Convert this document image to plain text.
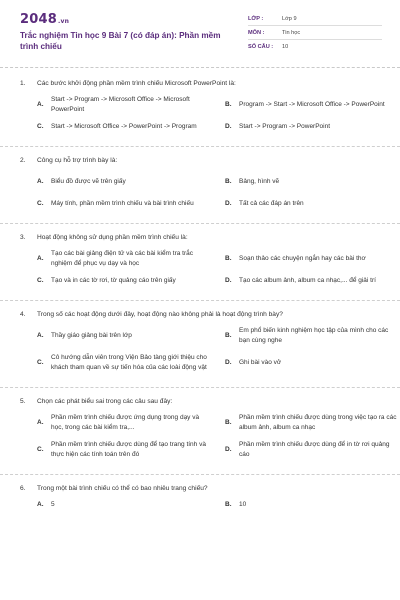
2048.vn
Trắc nghiệm Tin học 9 Bài 7 (có đáp án): Phần mềm trình chiếu
LỚP :	Lớp 9
MÔN :	Tin học
SỐ CÂU :	10
1.	Các bước khởi động phần mềm trình chiếu Microsoft PowerPoint là:
A.
Start -> Program -> Microsoft Office -> Microsoft PowerPoint
B.	Program -> Start -> Microsoft Office -> PowerPoint
C.	Start -> Microsoft Office -> PowerPoint -> Program	D.	Start -> Program -> PowerPoint
2.	Công cụ hỗ trợ trình bày là:
A.	Biểu đồ được vẽ trên giấy	B.	Bảng, hình vẽ
C.	Máy tính, phần mềm trình chiếu và bài trình chiếu	D.	Tất cả các đáp án trên
3.	Hoạt động không sử dụng phần mềm trình chiếu là:
A.
Tạo các bài giảng điện tử và các bài kiểm tra trắc nghiệm để phục vụ dạy và học
B.	Soạn thảo các chuyện ngắn hay các bài thơ
C.	Tạo và in các tờ rơi, tờ quảng cáo trên giấy	D.	Tạo các album ảnh, album ca nhạc,... để giải trí
4.	Trong số các hoạt động dưới đây, hoạt động nào không phải là hoạt động trình bày?
A.	Thầy giáo giảng bài trên lớp	B.
Em phổ biến kinh nghiệm học tập của mình cho các bạn cùng nghe
C.
Cô hướng dẫn viên trong Viện Bảo tàng giới thiệu cho khách tham quan về sự tiến hóa của các loài động vật
D.	Ghi bài vào vở
5.	Chọn các phát biểu sai trong các câu sau đây:
A.
Phần mềm trình chiếu được ứng dụng trong dạy và học, trong các bài kiểm tra,...
B.
Phần mềm trình chiếu được dùng trong việc tạo ra các album ảnh, album ca nhạc
C.
Phần mềm trình chiếu được dùng để tạo trang tính và thực hiện các tính toán trên đó
D.
Phần mềm trình chiếu được dùng để in tờ rơi quảng cáo
6.	Trong một bài trình chiếu có thể có bao nhiêu trang chiếu?
A.	5	B.	10
